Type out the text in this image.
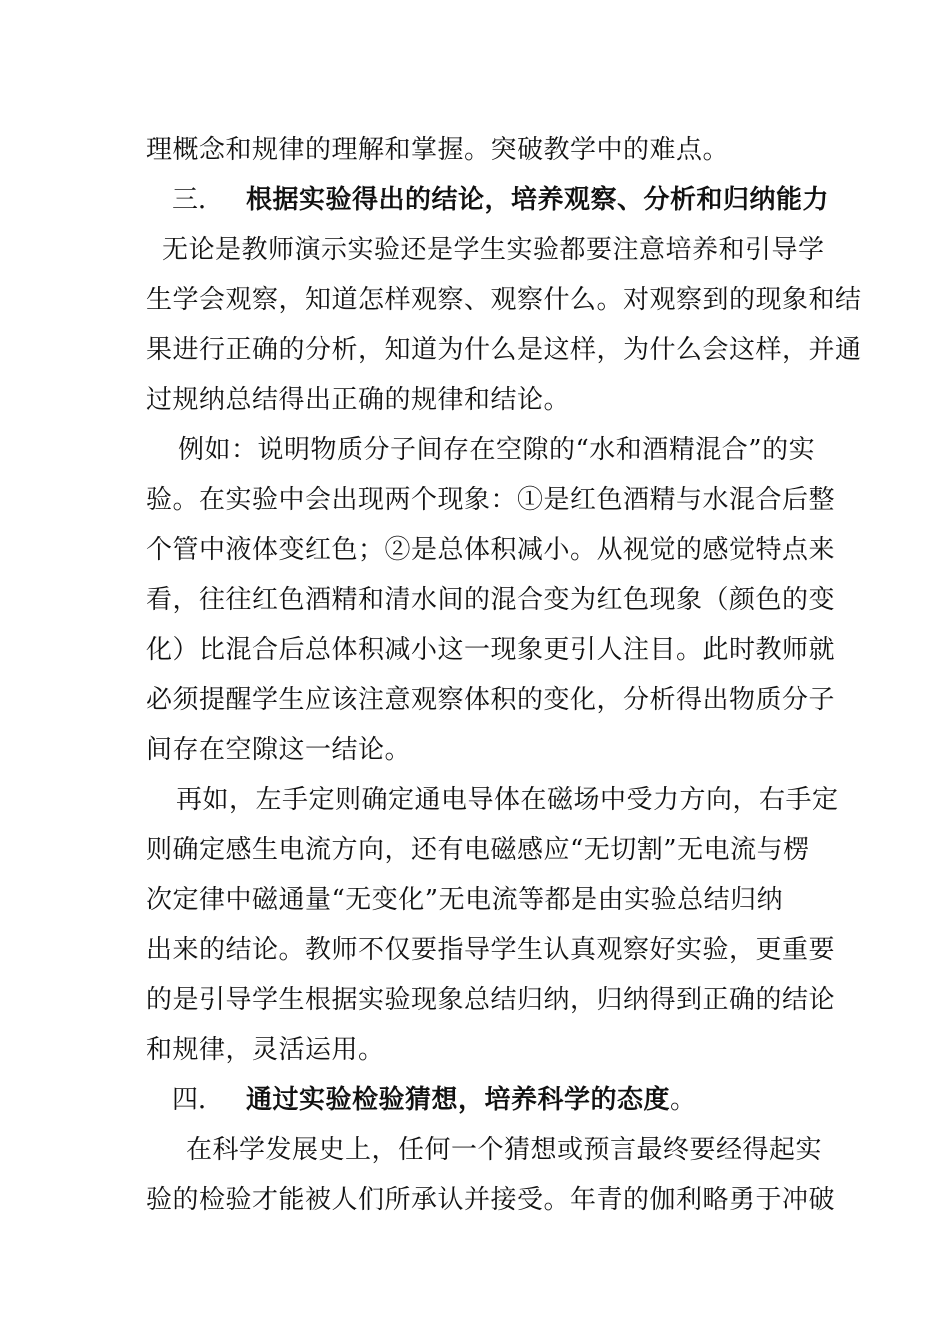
理概念和规律的理解和掌握。突破教学中的难点。
三． 根据实验得出的结论，培养观察、分析和归纳能力
无论是教师演示实验还是学生实验都要注意培养和引导学
生学会观察，知道怎样观察、观察什么。对观察到的现象和结
果进行正确的分析，知道为什么是这样，为什么会这样，并通
过规纳总结得出正确的规律和结论。
例如：说明物质分子间存在空隙的“水和酒精混合”的实
验。在实验中会出现两个现象：①是红色酒精与水混合后整
个管中液体变红色；②是总体积减小。从视觉的感觉特点来
看，往往红色酒精和清水间的混合变为红色现象（颜色的变
化）比混合后总体积减小这一现象更引人注目。此时教师就
必须提醒学生应该注意观察体积的变化，分析得出物质分子
间存在空隙这一结论。
再如，左手定则确定通电导体在磁场中受力方向，右手定
则确定感生电流方向，还有电磁感应“无切割”无电流与楞
次定律中磁通量“无变化”无电流等都是由实验总结归纳
出来的结论。教师不仅要指导学生认真观察好实验，更重要
的是引导学生根据实验现象总结归纳，归纳得到正确的结论
和规律，灵活运用。
四． 通过实验检验猜想，培养科学的态度。
在科学发展史上，任何一个猜想或预言最终要经得起实
验的检验才能被人们所承认并接受。年青的伽利略勇于冲破
